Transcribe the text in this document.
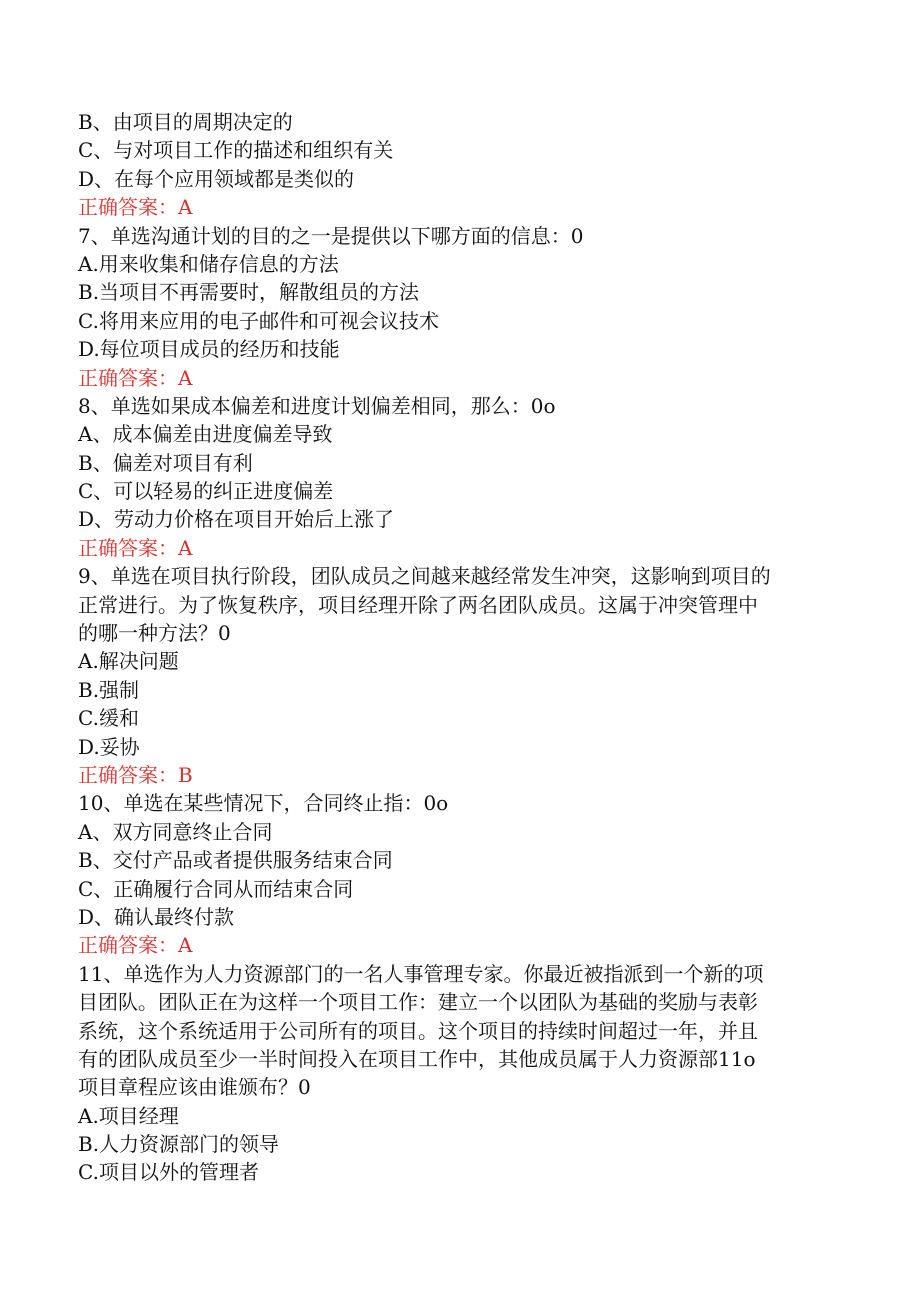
B、由项目的周期决定的
C、与对项目工作的描述和组织有关
D、在每个应用领域都是类似的
正确答案：A
7、单选沟通计划的目的之一是提供以下哪方面的信息：0
A.用来收集和储存信息的方法
B.当项目不再需要时，解散组员的方法
C.将用来应用的电子邮件和可视会议技术
D.每位项目成员的经历和技能
正确答案：A
8、单选如果成本偏差和进度计划偏差相同，那么：0o
A、成本偏差由进度偏差导致
B、偏差对项目有利
C、可以轻易的纠正进度偏差
D、劳动力价格在项目开始后上涨了
正确答案：A
9、单选在项目执行阶段，团队成员之间越来越经常发生冲突，这影响到项目的
正常进行。为了恢复秩序，项目经理开除了两名团队成员。这属于冲突管理中
的哪一种方法？0
A.解决问题
B.强制
C.缓和
D.妥协
正确答案：B
10、单选在某些情况下，合同终止指：0o
A、双方同意终止合同
B、交付产品或者提供服务结束合同
C、正确履行合同从而结束合同
D、确认最终付款
正确答案：A
11、单选作为人力资源部门的一名人事管理专家。你最近被指派到一个新的项
目团队。团队正在为这样一个项目工作：建立一个以团队为基础的奖励与表彰
系统，这个系统适用于公司所有的项目。这个项目的持续时间超过一年，并且
有的团队成员至少一半时间投入在项目工作中，其他成员属于人力资源部11o
项目章程应该由谁颁布？0
A.项目经理
B.人力资源部门的领导
C.项目以外的管理者
